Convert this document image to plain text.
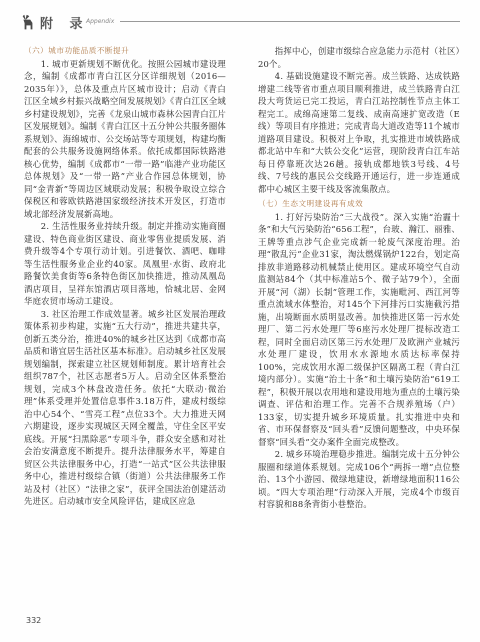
附 录
Appendix

（六）城市功能品质不断提升

1. 城市更新规划不断优化。按照公园城市建设理念，编制《成都市青白江区分区详细规划（2016—2035年）》，总体及重点片区城市设计；启动《青白江区全域乡村振兴战略空间发展规划》《青白江区全域乡村建设规划》，完善《龙泉山城市森林公园青白江片区发展规划》。编制《青白江区十五分钟公共服务圈体系规划》、海绵城市、公交场站等专项规划，构建均衡配套的公共服务设施网络体系。依托成都国际铁路港核心优势，编制《成都市“一带一路”临港产业功能区总体规划》及“一带一路”产业合作园总体规划，协同“金青新”等周边区域联动发展；积极争取设立综合保税区和蓉欧铁路港国家级经济技术开发区，打造市域北部经济发展新高地。

2. 生活性服务业持续升级。制定并推动实施商圈建设、特色商业街区建设、商业零售业提质发展、消费升级等4个专项行动计划。引进餐饮、酒吧、咖啡等生活性服务业企业约40家。凤凰里·水街、政府北路餐饮美食街等6条特色街区加快推进，推动凤凰岛酒店项目，呈祥东馆酒店项目落地，恰城北居、金网华庭农贸市场动工建设。

3. 社区治理工作成效显著。城乡社区发展治理政策体系初步构建，实施“五大行动”，推进共建共享，创新五类分治，推进40%的城乡社区达到《成都市高品质和谐宜居生活社区基本标准》。启动城乡社区发展规划编制，探索建立社区规划师制度。累计培育社会组织787个，社区志愿者5万人。启动全区体系整治规划，完成3个林盘改造任务。依托“大联动·微治理”体系受理并处置信息事件3.18万件，建成村级综治中心54个、“雪亮工程”点位33个。大力推进天网六期建设，逐步实现城区天网全覆盖，守住全区平安底线。开展“扫黑除恶”专项斗争，群众安全感和对社会治安满意度不断提升。提升法律服务水平，筹建自贸区公共法律服务中心，打造“一站式”区公共法律服务中心，推进村级综合镇（街道）公共法律服务工作站及村（社区）“法律之家”，获评全国法治创建活动先进区。启动城市安全风险评估，建成区应急

指挥中心，创建市级综合应急能力示范村（社区）20个。

4. 基础设施建设不断完善。成兰铁路、达成铁路增建二线等省市重点项目顺利推进，成兰铁路青白江段大弯货运已完工投运，青白江站控制性节点主体工程完工。成绵高速第二复线、成南高速扩宽改造（E线）等项目有序推进；完成青岛大道改造等11个城市道路项目建设。积极对上争取，扎实推进市域铁路成都北站中车和“大铁公交化”运营，现阶段青白江车站每日停靠班次达26趟。接轨成都地铁3号线、4号线、7号线的惠民公交线路开通运行，进一步连通成都中心城区主要干线及客流集散点。

（七）生态文明建设再有成效

1. 打好污染防治“三大战役”。深入实施“治霾十条”和大气污染防治“656工程”，台玻、瀚江、丽雅、王牌等重点涉气企业完成新一轮废气深度治理。治理“散乱污”企业31家，淘汰燃煤锅炉122台，划定高排放非道路移动机械禁止使用区。建成环境空气自动监测站84个（其中标准站5个、微子站79个），全面开展“河（湖）长制”管理工作，实施毗河、西江河等重点流域水体整治，对145个下河排污口实施截污措施，出境断面水质明显改善。加快推进区第一污水处理厂、第二污水处理厂等6座污水处理厂提标改造工程，同时全面启动区第三污水处理厂及欧洲产业城污水处理厂建设，饮用水水源地水质达标率保持100%，完成饮用水源二级保护区隔离工程（青白江境内部分）。实施“治土十条”和土壤污染防治“619工程”，积极开展以农用地和建设用地为重点的土壤污染调查、评估和治理工作。完善不合规养殖场（户）133家，切实提升城乡环境质量。扎实推进中央和省、市环保督察及“回头看”反馈问题整改，中央环保督察“回头看”交办案件全面完成整改。

2. 城乡环境治理稳步推进。编制完成十五分钟公服圈和绿道体系规划。完成106个“两拆一增”点位整治、13个小游园、微绿地建设，新增绿地面积116公顷。“四大专项治理”行动深入开展，完成4个市级百村容貌和88条背街小巷整治。

332
